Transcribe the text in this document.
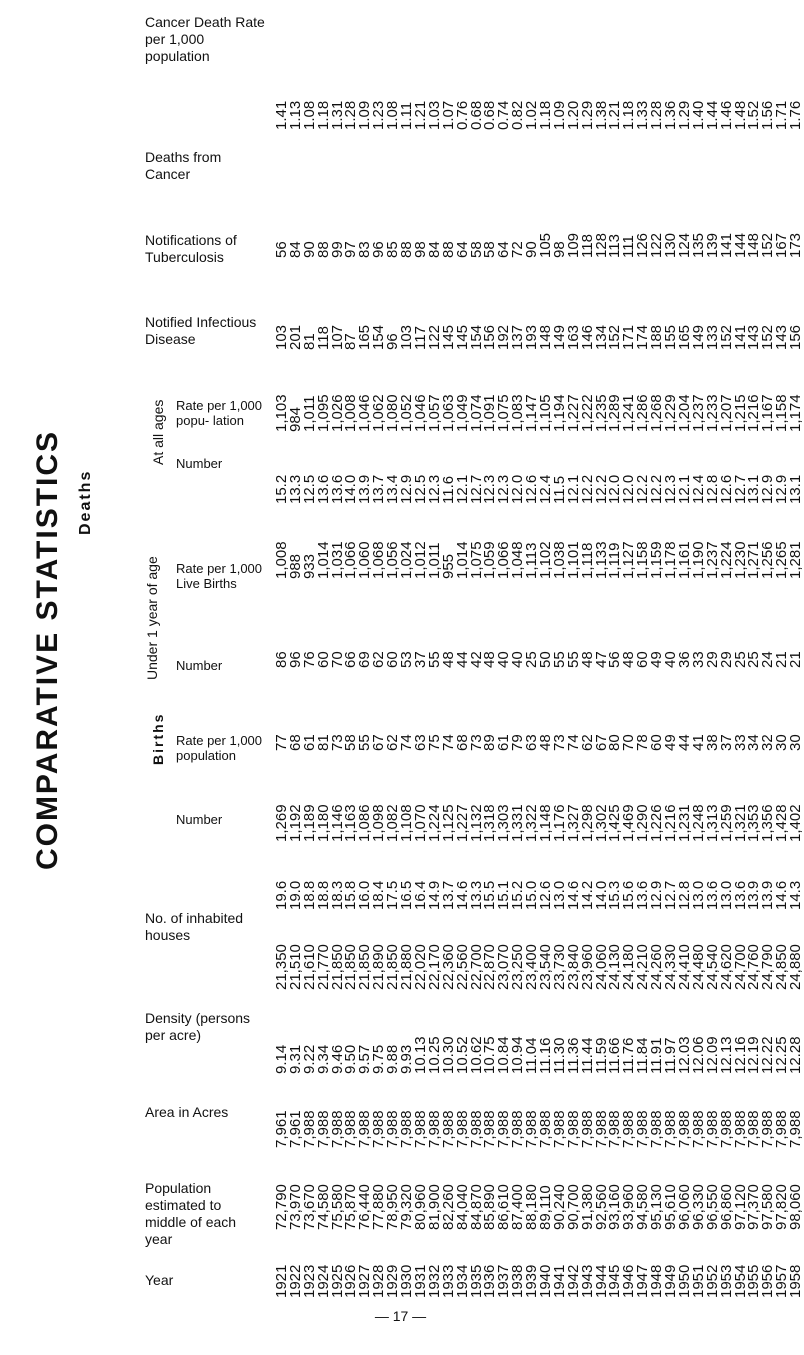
COMPARATIVE STATISTICS

Cancer Death Rate per 1,000 population

Deaths from Cancer

Notifications of Tuberculosis

Notified Infectious Disease

Deaths
At all ages Rate per 1,000 popu- lation

Number
Under 1 year of age Rate per 1,000 Live Births

Number
Births Rate per 1,000 population

Number

No. of inhabited houses

Density (persons per acre)

Area in Acres

Population estimated to middle of each year

Year	1921
72,790
7,961
9.14
21,350
19.6
1,269
77
86
1,008
15.2
1,103
103
56
1.41
1922
73,970
7,961
9.31
21,510
19.0
1,192
68
96
988
13.3
984
201
84
1.13
1923
73,670
7,988
9.22
21,610
18.8
1,189
61
76
933
12.5
1,011
81
90
1.08
1924
74,580
7,988
9.34
21,770
18.8
1,180
81
60
1,014
13.6
1,095
118
88
1.18
1925
75,580
7,988
9.46
21,850
18.3
1,146
73
70
1,031
13.6
1,026
107
99
1.31
1926
75,870
7,988
9.50
21,850
15.8
1,163
58
66
1,066
14.0
1,008
87
97
1.28
1927
76,440
7,988
9.57
21,850
16.0
1,086
55
69
1,060
13.9
1,046
165
83
1.09
1928
77,880
7,988
9.75
21,890
18.4
1,098
67
62
1,068
13.7
1,062
154
96
1.23
1929
78,950
7,988
9.88
21,850
17.5
1,082
62
60
1,056
13.4
1,080
96
85
1.08
1930
79,320
7,988
9.93
21,880
16.5
1,108
74
53
1,024
12.9
1,052
103
88
1.11
1931
80,960
7,988
10.13
22,020
16.4
1,070
63
37
1,012
12.5
1,046
117
98
1.21
1932
81,900
7,988
10.25
22,170
14.9
1,224
75
55
1,011
12.3
1,057
122
84
1.03
1933
82,260
7,988
10.30
22,360
13.7
1,125
74
48
955
11.6
1,063
145
88
1.07
1934
84,040
7,988
10.52
22,560
14.6
1,227
68
44
1,014
12.1
1,049
145
64
0.76
1935
84,870
7,988
10.62
22,700
13.3
1,132
73
42
1,075
12.7
1,074
154
58
0.68
1936
85,890
7,988
10.75
22,870
15.5
1,318
89
48
1,059
12.3
1,091
156
58
0.68
1937
86,610
7,988
10.84
23,070
15.1
1,303
61
40
1,066
12.3
1,075
192
64
0.74
1938
87,400
7,988
10.94
23,250
15.2
1,331
79
40
1,048
12.0
1,083
137
72
0.82
1939
88,180
7,988
11.04
23,400
15.0
1,322
63
25
1,113
12.6
1,147
193
90
1.02
1940
89,110
7,988
11.16
23,540
12.6
1,148
48
50
1,102
12.4
1,105
148
105
1.18
1941
90,240
7,988
11.30
23,730
13.0
1,176
73
55
1,038
11.5
1,194
149
98
1.09
1942
90,700
7,988
11.36
23,840
14.6
1,327
74
55
1,101
12.1
1,227
163
109
1.20
1943
91,380
7,988
11.44
23,960
14.2
1,298
62
48
1,118
12.2
1,222
146
118
1.29
1944
92,560
7,988
11.59
24,060
14.0
1,302
67
47
1,133
12.2
1,235
134
128
1.38
1945
93,160
7,988
11.66
24,130
15.3
1,425
80
56
1,119
12.0
1,289
152
113
1.21
1946
93,960
7,988
11.76
24,180
15.6
1,469
70
48
1,127
12.0
1,241
171
111
1.18
1947
94,580
7,988
11.84
24,210
13.6
1,290
78
60
1,158
12.2
1,286
174
126
1.33
1948
95,130
7,988
11.91
24,260
12.9
1,226
60
49
1,159
12.2
1,268
188
122
1.28
1949
95,610
7,988
11.97
24,330
12.7
1,216
49
40
1,178
12.3
1,229
155
130
1.36
1950
96,060
7,988
12.03
24,410
12.8
1,231
44
36
1,161
12.1
1,204
165
124
1.29
1951
96,330
7,988
12.06
24,480
13.0
1,248
41
33
1,190
12.4
1,237
149
135
1.40
1952
96,550
7,988
12.09
24,540
13.6
1,313
38
29
1,237
12.8
1,233
133
139
1.44
1953
96,860
7,988
12.13
24,620
13.0
1,259
37
29
1,224
12.6
1,207
152
141
1.46
1954
97,120
7,988
12.16
24,700
13.6
1,321
33
25
1,230
12.7
1,215
141
144
1.48
1955
97,370
7,988
12.19
24,760
13.9
1,353
34
25
1,271
13.1
1,216
143
148
1.52
1956
97,580
7,988
12.22
24,790
13.9
1,356
32
24
1,256
12.9
1,167
152
152
1.56
1957
97,820
7,988
12.25
24,850
14.6
1,428
30
21
1,265
12.9
1,158
143
167
1.71
1958
98,060
7,988
12.28
24,880
14.3
1,402
30
21
1,281
13.1
1,174
156
173
1.76
— 17 —
